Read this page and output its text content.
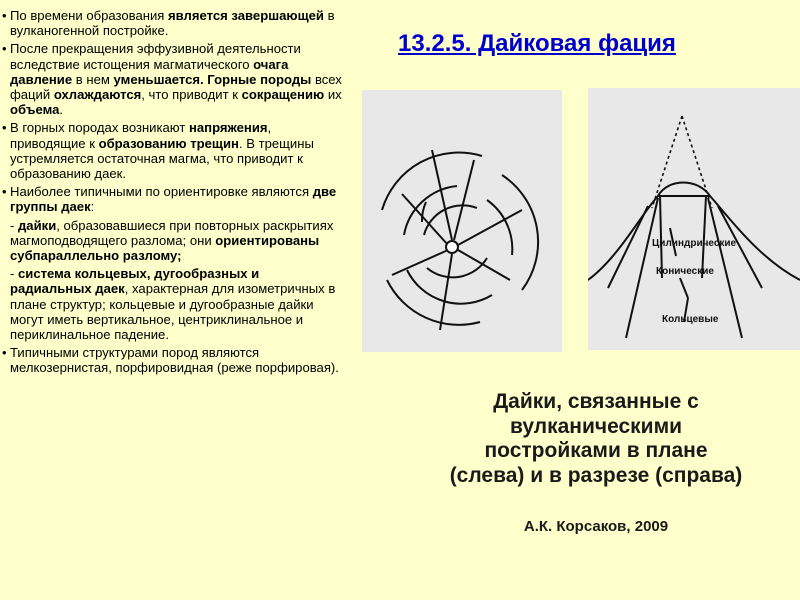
• По времени образования является завершающей в вулканогенной постройке.
• После прекращения эффузивной деятельности вследствие истощения магматического очага давление в нем уменьшается. Горные породы всех фаций охлаждаются, что приводит к сокращению их объема.
• В горных породах возникают напряжения, приводящие к образованию трещин. В трещины устремляется остаточная магма, что приводит к образованию даек.
• Наиболее типичными по ориентировке являются две группы даек:
- дайки, образовавшиеся при повторных раскрытиях магмоподводящего разлома; они ориентированы субпараллельно разлому;
- система кольцевых, дугообразных и радиальных даек, характерная для изометричных в плане структур; кольцевые и дугообразные дайки могут иметь вертикальное, центриклинальное и периклинальное падение.
• Типичными структурами пород являются мелкозернистая, порфировидная (реже порфировая).
13.2.5. Дайковая фация
Цилиндрические
Конические
Кольцевые
Дайки, связанные с
вулканическими
постройками в плане
(слева) и в разрезе (справа)
А.К. Корсаков, 2009
